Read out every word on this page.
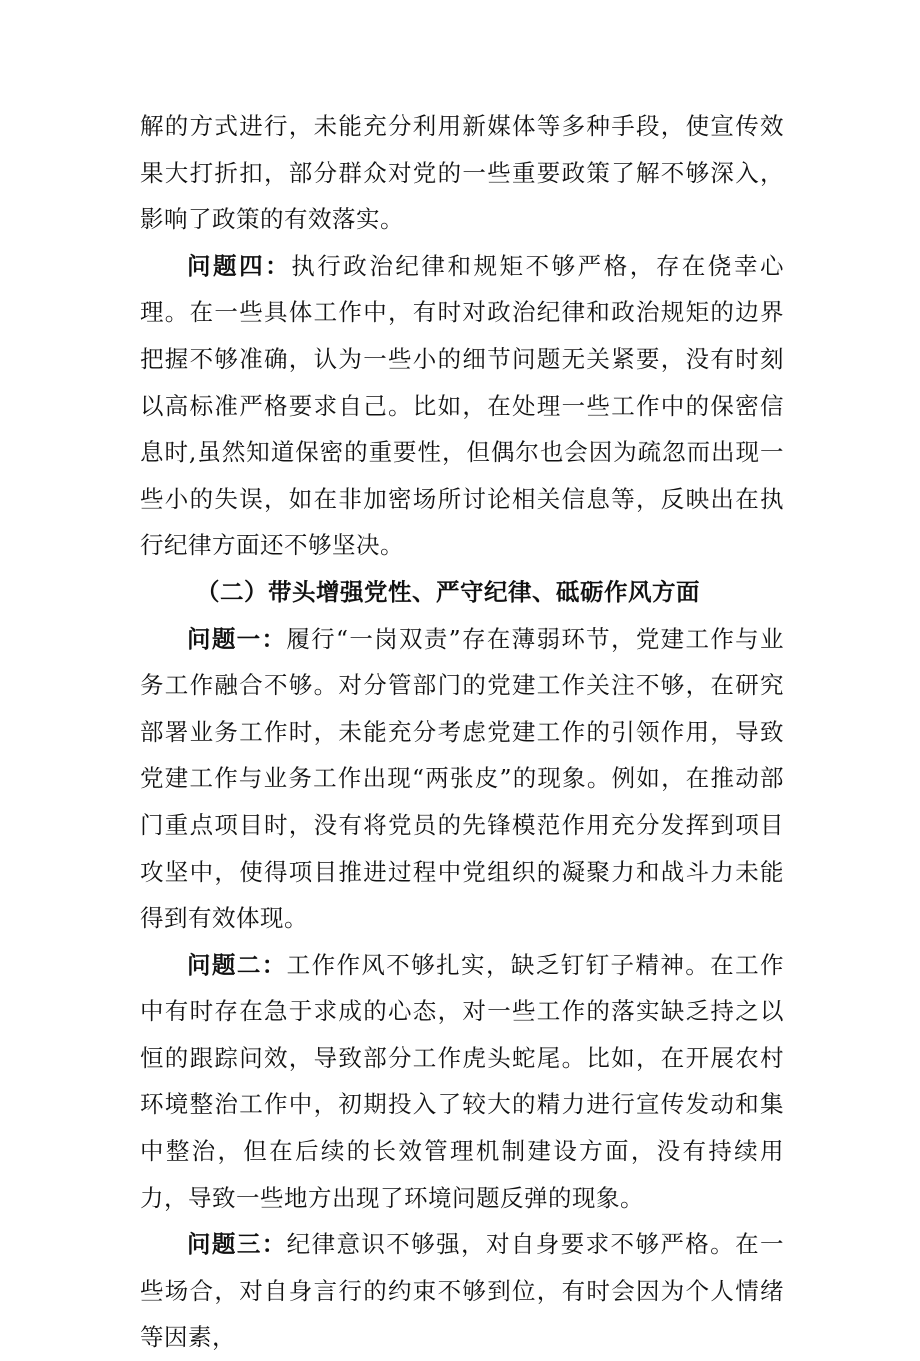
解的方式进行，未能充分利用新媒体等多种手段，使宣传效果大打折扣，部分群众对党的一些重要政策了解不够深入，影响了政策的有效落实。

问题四：执行政治纪律和规矩不够严格，存在侥幸心理。在一些具体工作中，有时对政治纪律和政治规矩的边界把握不够准确，认为一些小的细节问题无关紧要，没有时刻以高标准严格要求自己。比如，在处理一些工作中的保密信息时,虽然知道保密的重要性，但偶尔也会因为疏忽而出现一些小的失误，如在非加密场所讨论相关信息等，反映出在执行纪律方面还不够坚决。

（二）带头增强党性、严守纪律、砥砺作风方面

问题一：履行“一岗双责”存在薄弱环节，党建工作与业务工作融合不够。对分管部门的党建工作关注不够，在研究部署业务工作时，未能充分考虑党建工作的引领作用，导致党建工作与业务工作出现“两张皮”的现象。例如，在推动部门重点项目时，没有将党员的先锋模范作用充分发挥到项目攻坚中，使得项目推进过程中党组织的凝聚力和战斗力未能得到有效体现。

问题二：工作作风不够扎实，缺乏钉钉子精神。在工作中有时存在急于求成的心态，对一些工作的落实缺乏持之以恒的跟踪问效，导致部分工作虎头蛇尾。比如，在开展农村环境整治工作中，初期投入了较大的精力进行宣传发动和集中整治，但在后续的长效管理机制建设方面，没有持续用力，导致一些地方出现了环境问题反弹的现象。

问题三：纪律意识不够强，对自身要求不够严格。在一些场合，对自身言行的约束不够到位，有时会因为个人情绪等因素，
